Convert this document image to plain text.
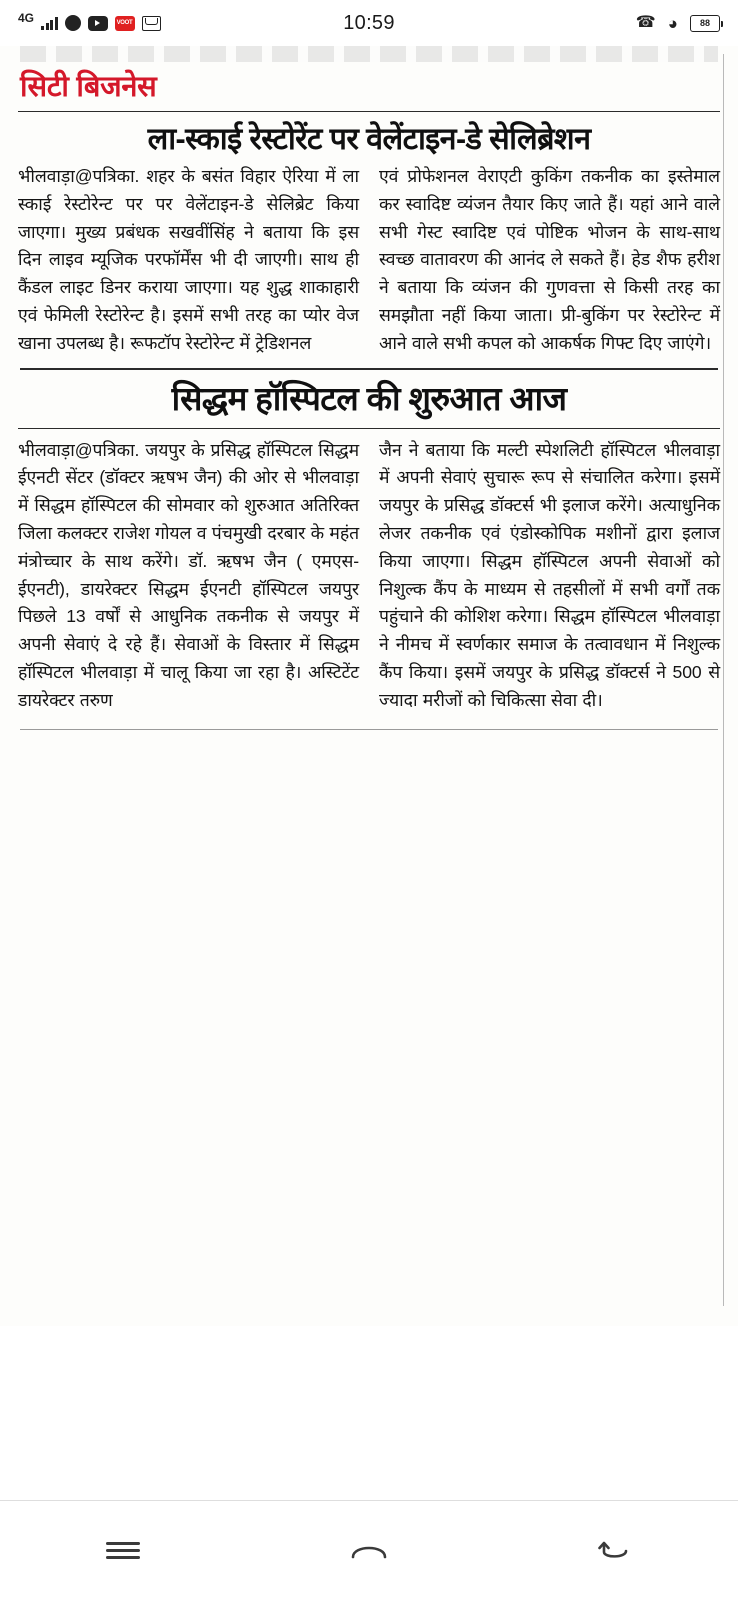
4G	VOOT	10:59	☎ ◕ 88
सिटी बिजनेस
ला-स्काई रेस्टोरेंट पर वेलेंटाइन-डे सेलिब्रेशन

भीलवाड़ा@पत्रिका. शहर के बसंत विहार ऐरिया में ला स्काई रेस्टोरेन्ट पर पर वेलेंटाइन-डे सेलिब्रेट किया जाएगा। मुख्य प्रबंधक सखवींसिंह ने बताया कि इस दिन लाइव म्यूजिक परफॉर्मेंस भी दी जाएगी। साथ ही कैंडल लाइट डिनर कराया जाएगा। यह शुद्ध शाकाहारी एवं फेमिली रेस्टोरेन्ट है। इसमें सभी तरह का प्योर वेज खाना उपलब्ध है। रूफटॉप रेस्टोरेन्ट में ट्रेडिशनल

एवं प्रोफेशनल वेराएटी कुकिंग तकनीक का इस्तेमाल कर स्वादिष्ट व्यंजन तैयार किए जाते हैं। यहां आने वाले सभी गेस्ट स्वादिष्ट एवं पोष्टिक भोजन के साथ-साथ स्वच्छ वातावरण की आनंद ले सकते हैं। हेड शैफ हरीश ने बताया कि व्यंजन की गुणवत्ता से किसी तरह का समझौता नहीं किया जाता। प्री-बुकिंग पर रेस्टोरेन्ट में आने वाले सभी कपल को आकर्षक गिफ्ट दिए जाएंगे।

सिद्धम हॉस्पिटल की शुरुआत आज

भीलवाड़ा@पत्रिका. जयपुर के प्रसिद्ध हॉस्पिटल सिद्धम ईएनटी सेंटर (डॉक्टर ऋषभ जैन) की ओर से भीलवाड़ा में सिद्धम हॉस्पिटल की सोमवार को शुरुआत अतिरिक्त जिला कलक्टर राजेश गोयल व पंचमुखी दरबार के महंत मंत्रोच्चार के साथ करेंगे। डॉ. ऋषभ जैन ( एमएस- ईएनटी), डायरेक्टर सिद्धम ईएनटी हॉस्पिटल जयपुर पिछले 13 वर्षों से आधुनिक तकनीक से जयपुर में अपनी सेवाएं दे रहे हैं। सेवाओं के विस्तार में सिद्धम हॉस्पिटल भीलवाड़ा में चालू किया जा रहा है। अस्टिटेंट डायरेक्टर तरुण

जैन ने बताया कि मल्टी स्पेशलिटी हॉस्पिटल भीलवाड़ा में अपनी सेवाएं सुचारू रूप से संचालित करेगा। इसमें जयपुर के प्रसिद्ध डॉक्टर्स भी इलाज करेंगे। अत्याधुनिक लेजर तकनीक एवं एंडोस्कोपिक मशीनों द्वारा इलाज किया जाएगा। सिद्धम हॉस्पिटल अपनी सेवाओं को निशुल्क कैंप के माध्यम से तहसीलों में सभी वर्गों तक पहुंचाने की कोशिश करेगा। सिद्धम हॉस्पिटल भीलवाड़ा ने नीमच में स्वर्णकार समाज के तत्वावधान में निशुल्क कैंप किया। इसमें जयपुर के प्रसिद्ध डॉक्टर्स ने 500 से ज्यादा मरीजों को चिकित्सा सेवा दी।
